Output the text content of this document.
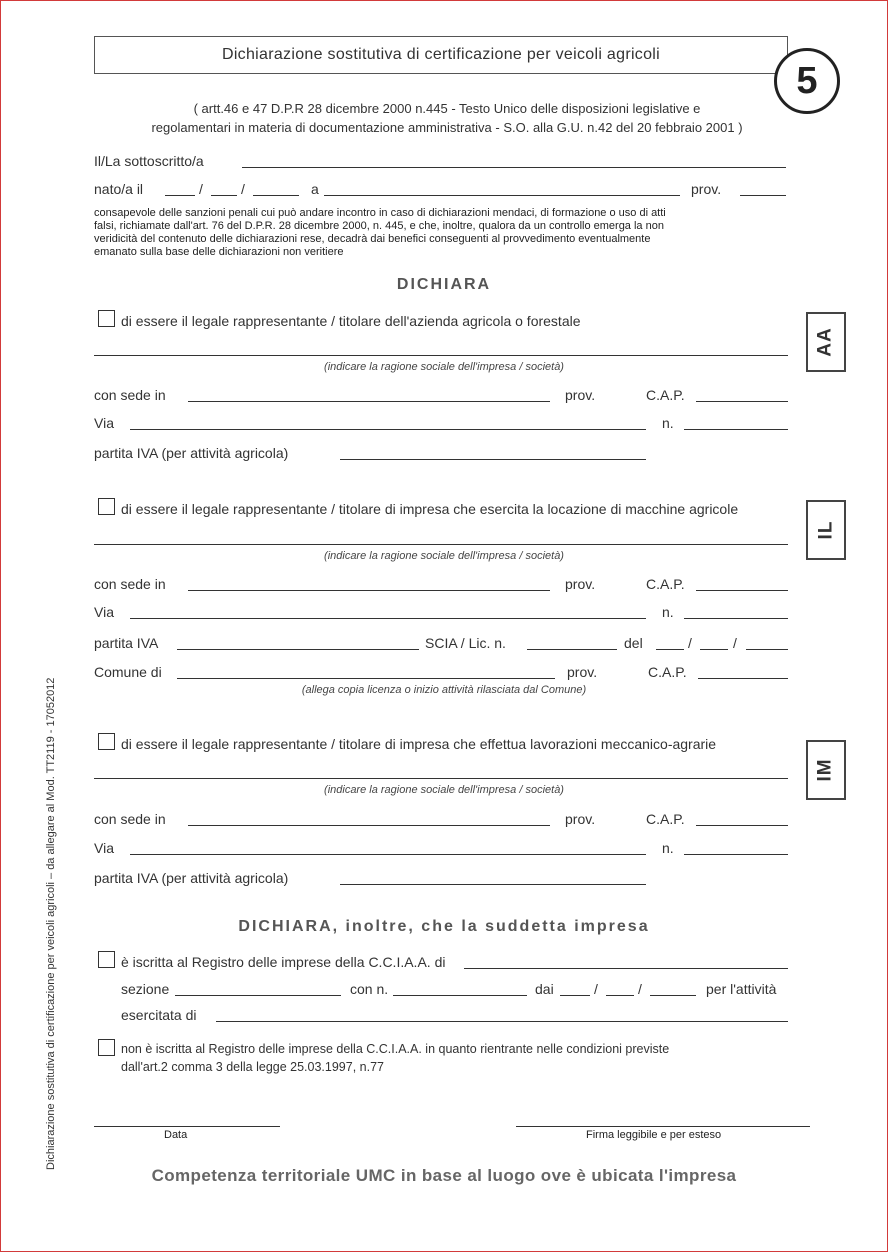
Dichiarazione sostitutiva di certificazione per veicoli agricoli
5
( artt.46 e 47 D.P.R 28 dicembre 2000 n.445 - Testo Unico delle disposizioni legislative e
regolamentari in materia di documentazione amministrativa - S.O. alla G.U. n.42 del 20 febbraio 2001 )
Il/La sottoscritto/a
nato/a il	/	/	a	prov.
consapevole delle sanzioni penali cui può andare incontro in caso di dichiarazioni mendaci, di formazione o uso di atti
falsi, richiamate dall'art. 76 del D.P.R. 28 dicembre 2000, n. 445, e che, inoltre, qualora da un controllo emerga la non
veridicità del contenuto delle dichiarazioni rese, decadrà dai benefici conseguenti al provvedimento eventualmente
emanato sulla base delle dichiarazioni non veritiere
DICHIARA
di essere il legale rappresentante / titolare dell'azienda agricola o forestale
AA
(indicare la ragione sociale dell'impresa / società)
con sede in	prov.	C.A.P.
Via	n.
partita IVA (per attività agricola)
di essere il legale rappresentante / titolare di impresa che esercita la locazione di macchine agricole
IL
(indicare la ragione sociale dell'impresa / società)
con sede in	prov.	C.A.P.
Via	n.
partita IVA	SCIA / Lic. n.	del	/	/
Comune di	prov.	C.A.P.
(allega copia licenza o inizio attività rilasciata dal Comune)
di essere il legale rappresentante / titolare di impresa che effettua lavorazioni meccanico-agrarie
IM
(indicare la ragione sociale dell'impresa / società)
con sede in	prov.	C.A.P.
Via	n.
partita IVA (per attività agricola)
DICHIARA, inoltre, che la suddetta impresa
è iscritta al Registro delle imprese della C.C.I.A.A. di
sezione	con n.	dai	/	/	per l'attività
esercitata di
non è iscritta al Registro delle imprese della C.C.I.A.A. in quanto rientrante nelle condizioni previste
dall'art.2 comma 3 della legge 25.03.1997, n.77
Data	Firma leggibile e per esteso
Dichiarazione sostitutiva di certificazione per veicoli agricoli – da allegare al Mod. TT2119 - 17052012
Competenza territoriale UMC in base al luogo ove è ubicata l'impresa
